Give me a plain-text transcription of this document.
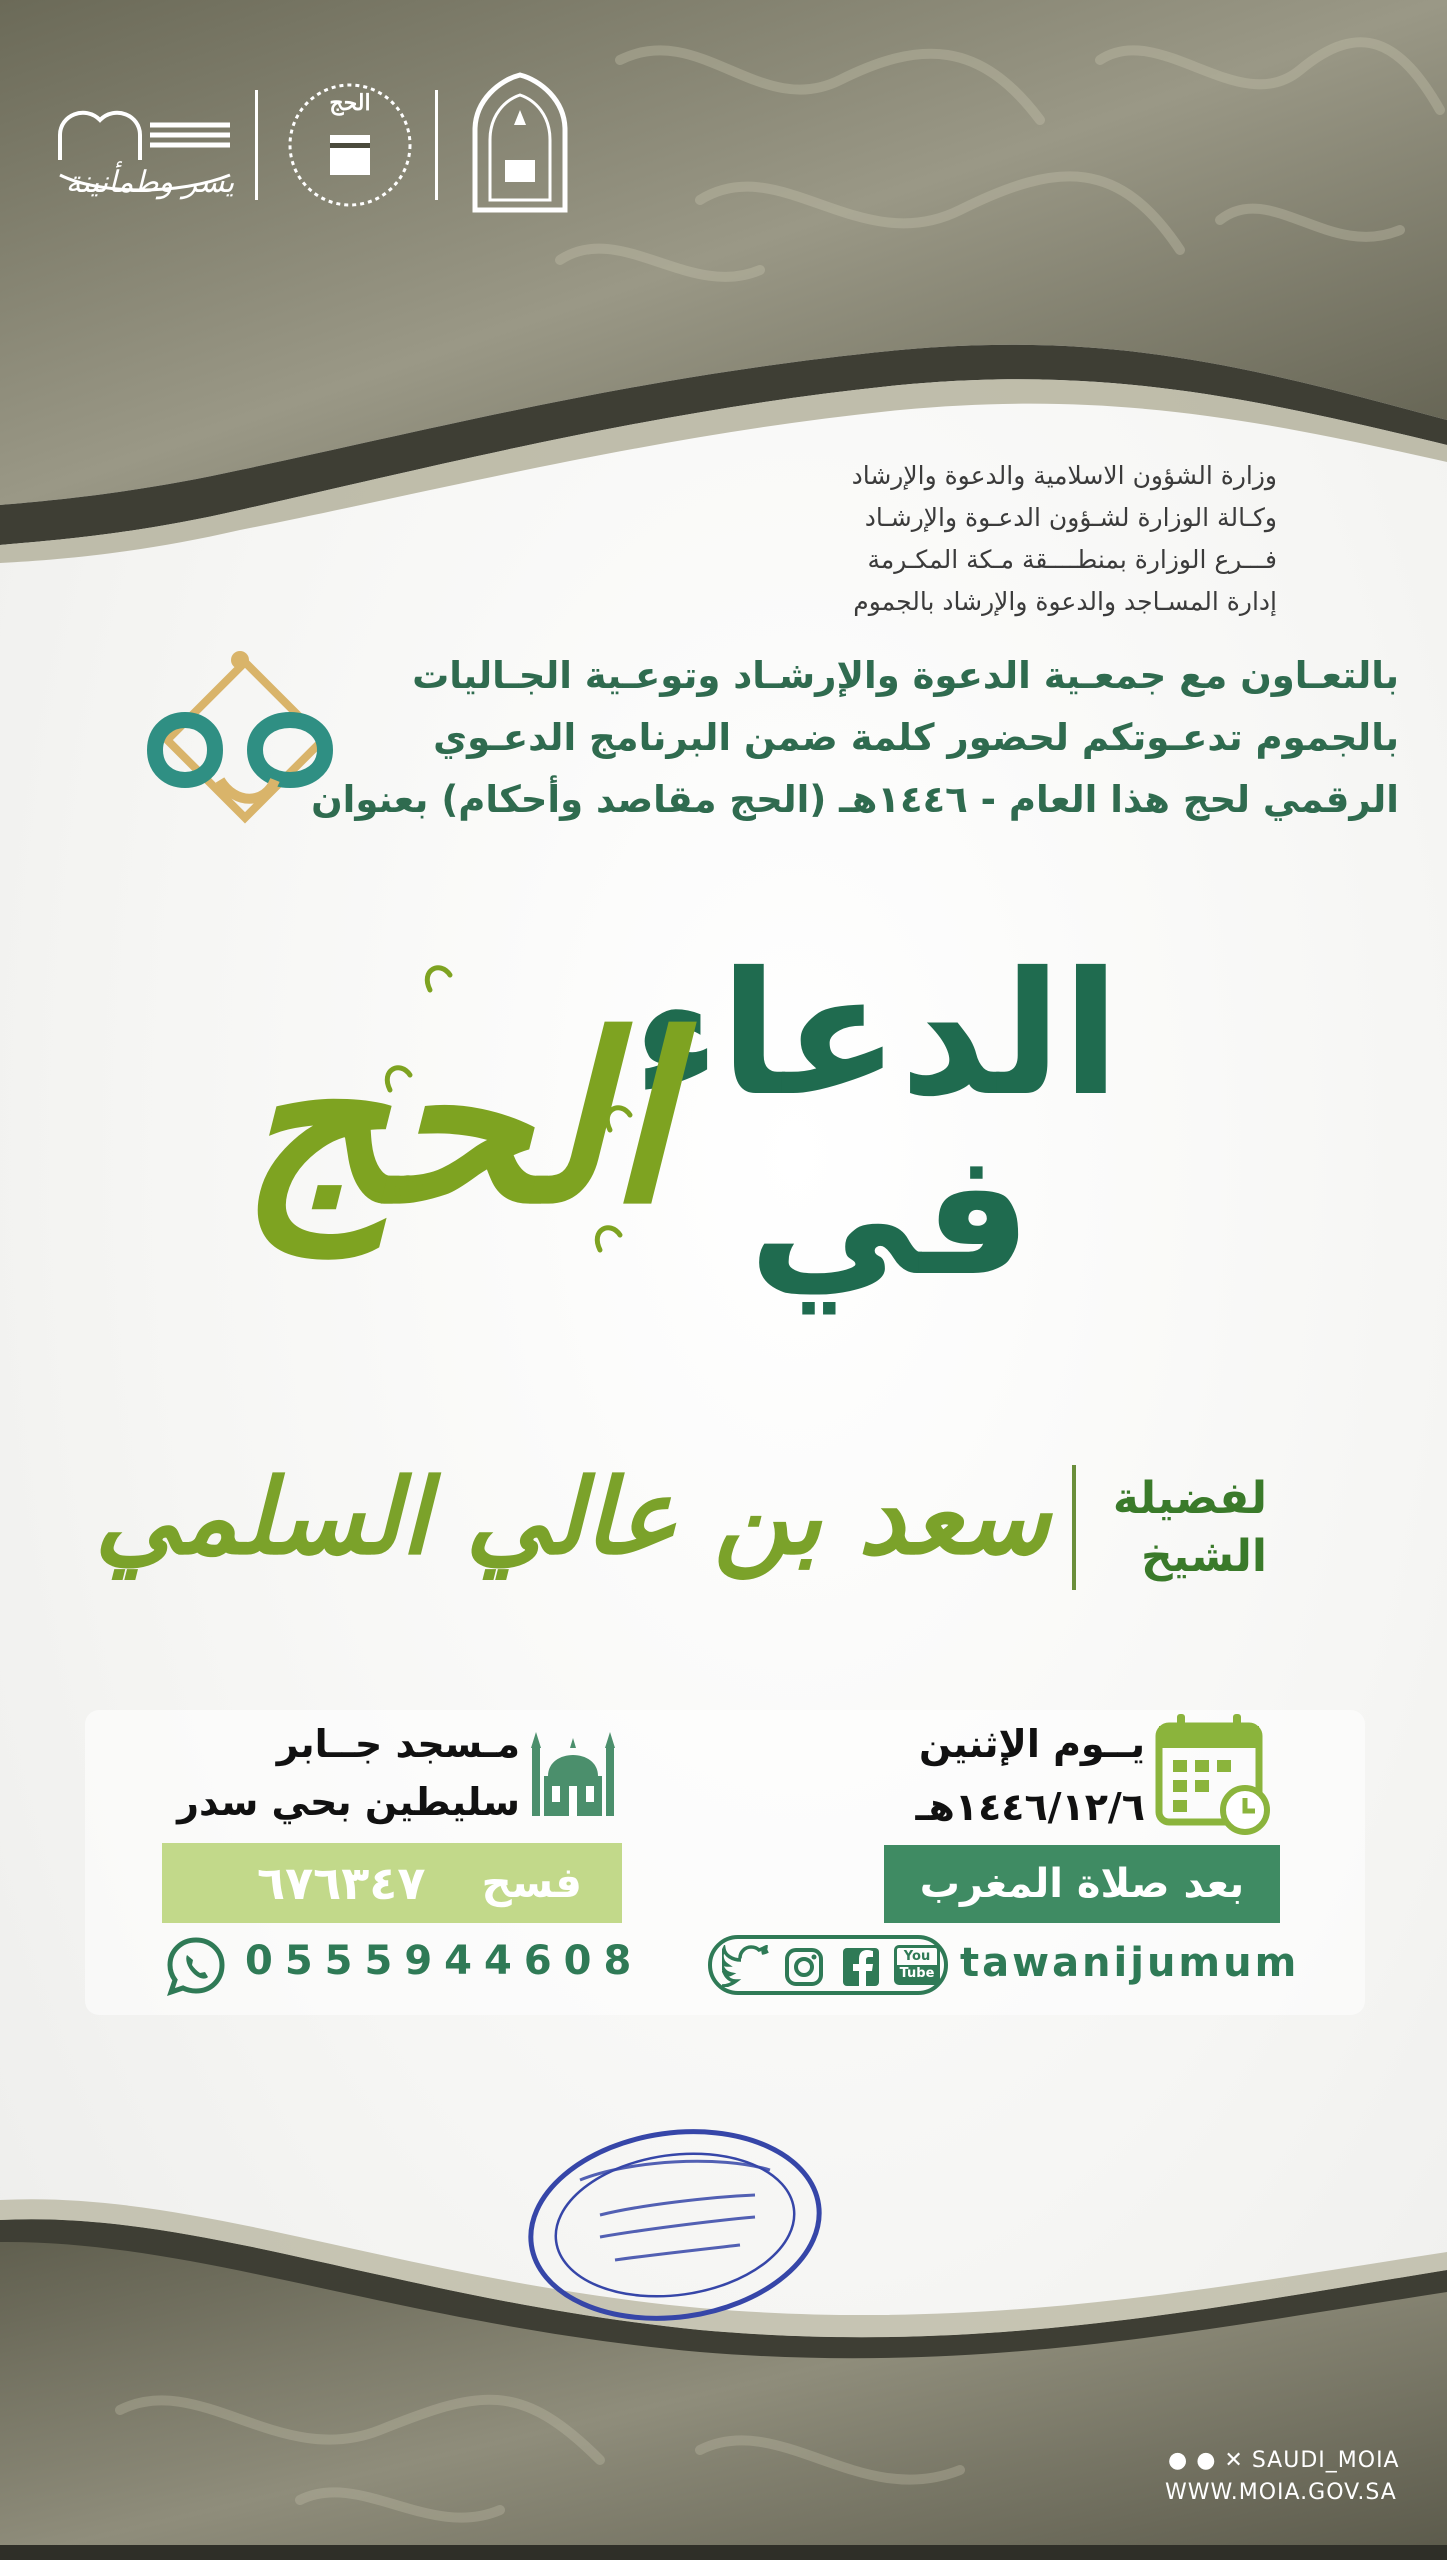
يسر وطمأنينة
الحج
وزارة الشؤون الاسلامية والدعوة والإرشاد
وكـالة الوزارة لشـؤون الدعـوة والإرشـاد
فـــرع الوزارة بمنطــــقة مـكة المكـرمة
إدارة المسـاجد والدعوة والإرشاد بالجموم
بالتعـاون مع جمعـية الدعوة والإرشـاد وتوعـية الجـاليات
بالجموم تدعـوتكم لحضور كلمة ضمن البرنامج الدعـوي
الرقمي لحج هذا العام - ١٤٤٦هـ (الحج مقاصد وأحكام) بعنوان
الدعاء
في
الحج
لفضيلة
الشيخ
سعد بن عالي السلمي
يــوم الإثنين
١٤٤٦/١٢/٦هـ
بعد صلاة المغرب
مـسجد جــابر
سليطين بحي سدر
فسح
٦٧٦٣٤٧
0555944608	You
Tube tawanijumum
● ● ✕ SAUDI_MOIA
WWW.MOIA.GOV.SA
